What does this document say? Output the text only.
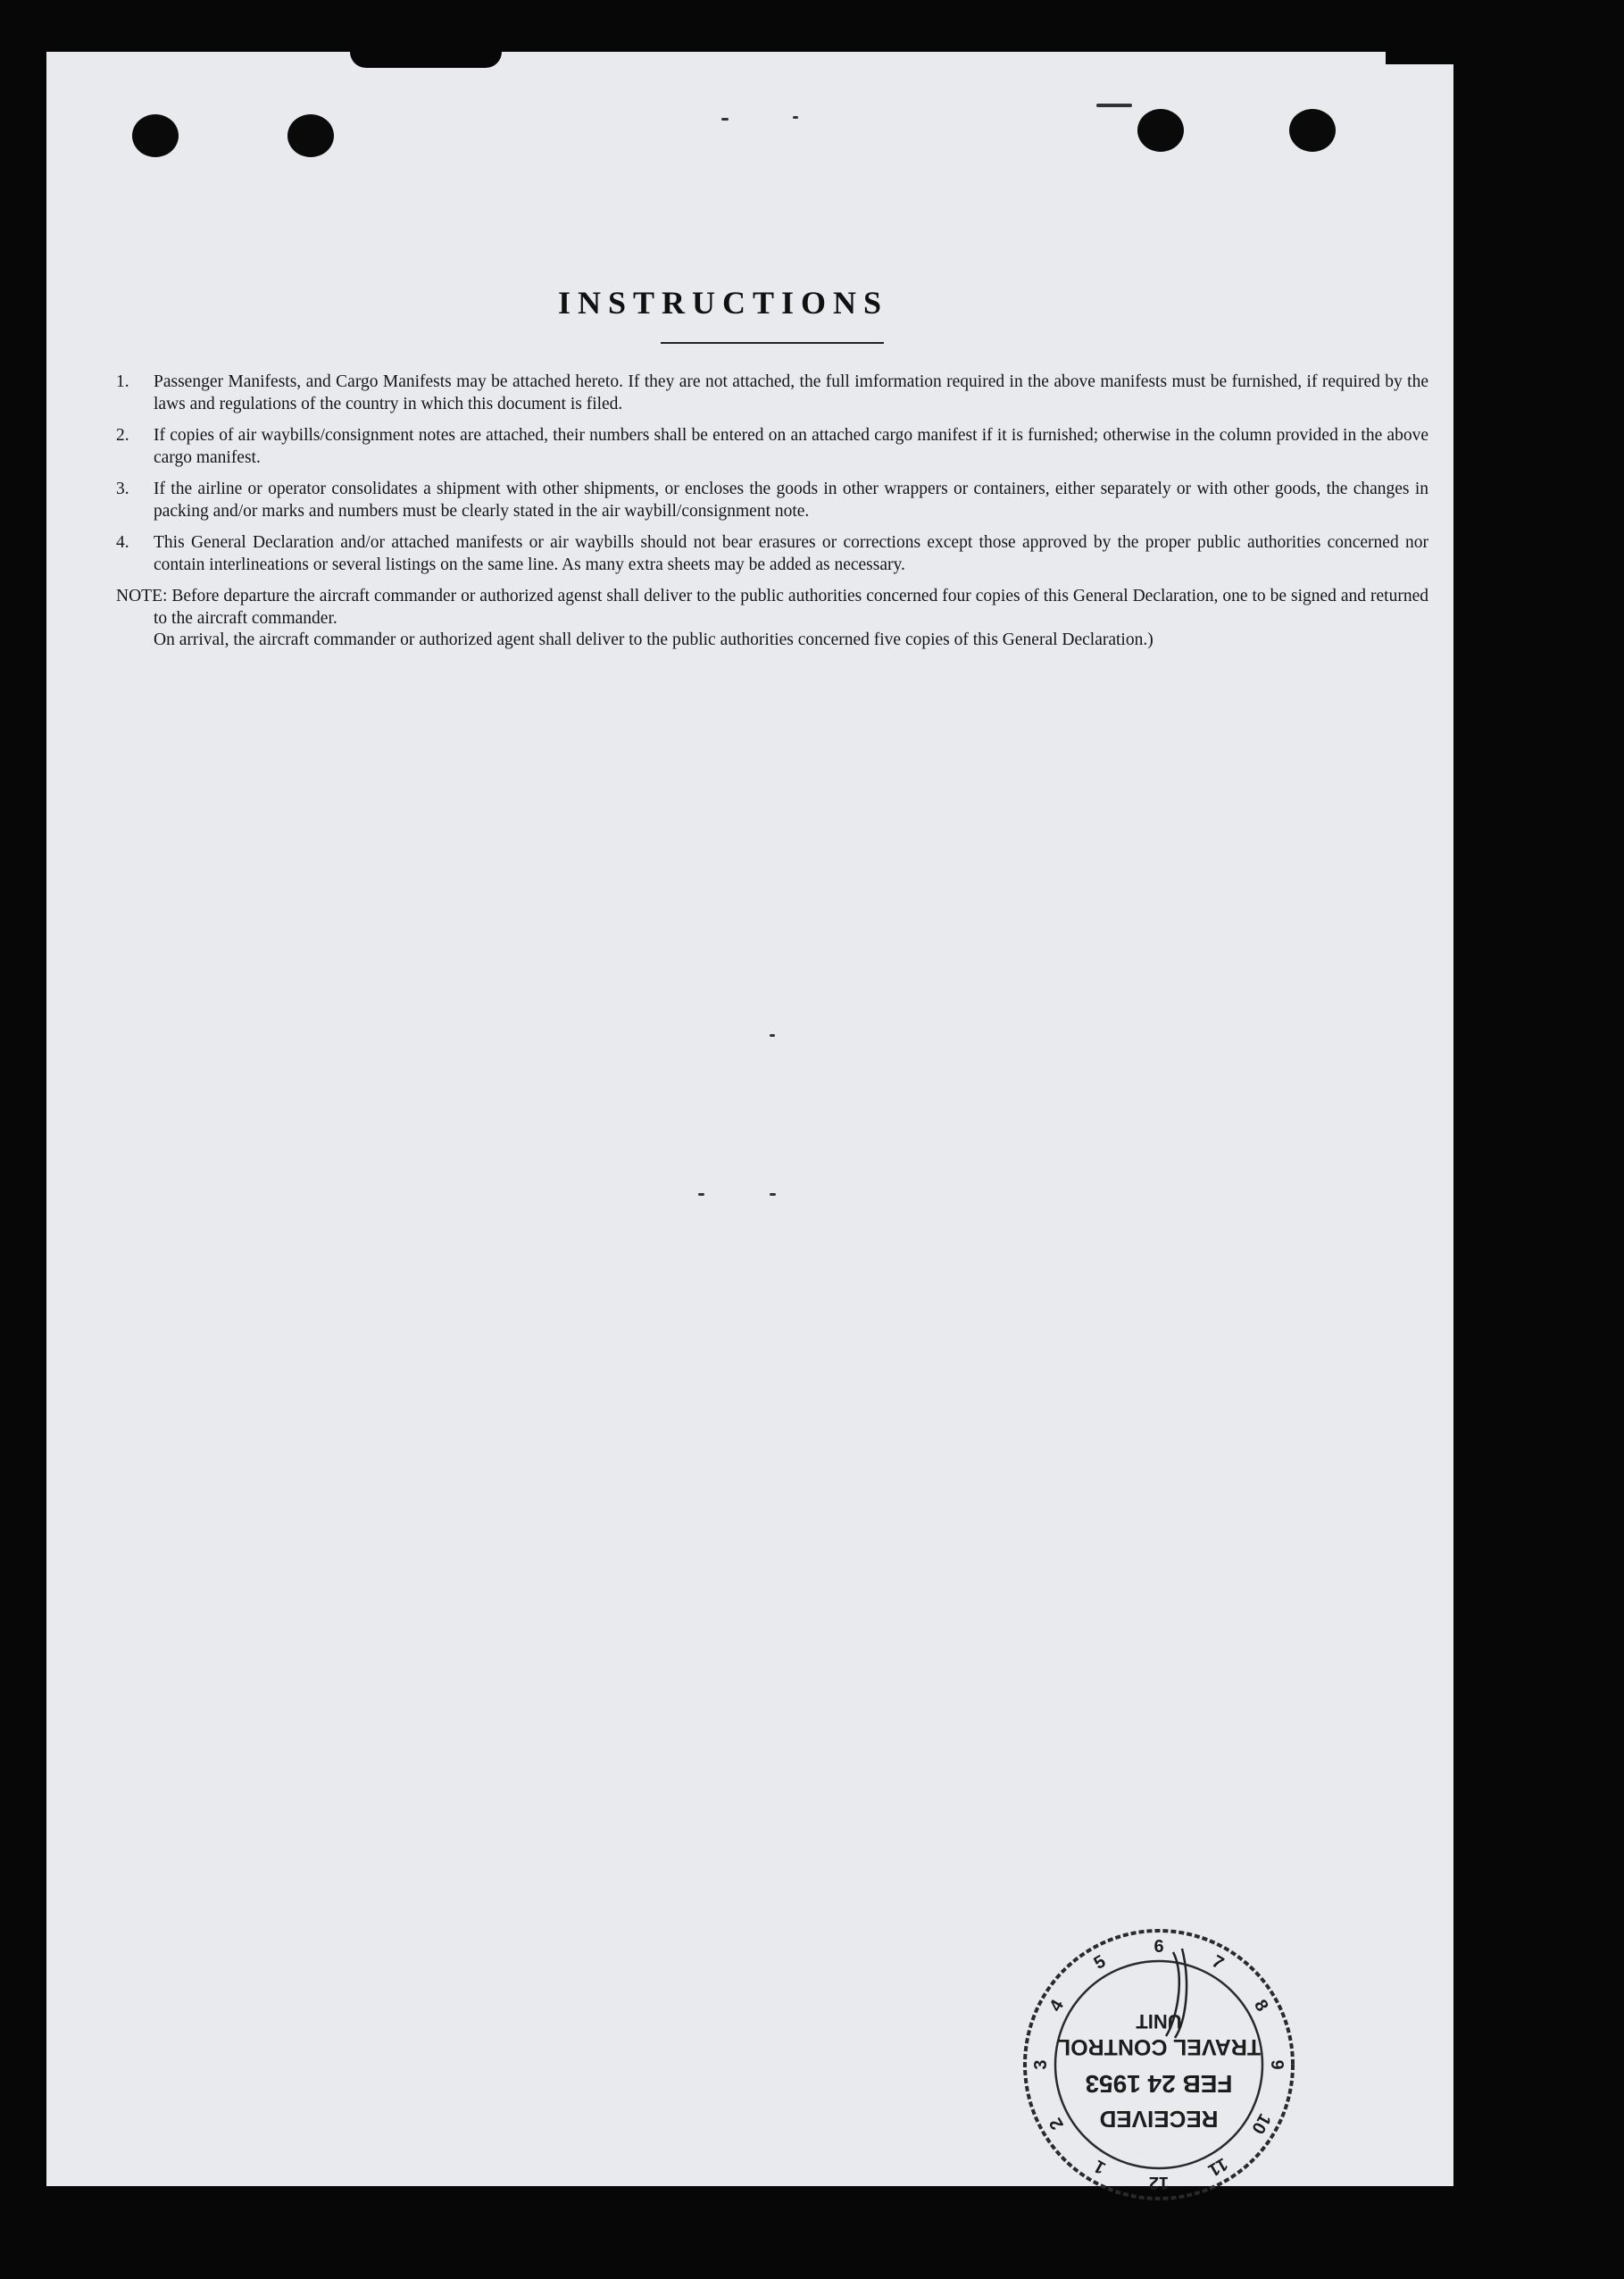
INSTRUCTIONS
1. Passenger Manifests, and Cargo Manifests may be attached hereto. If they are not attached, the full imformation required in the above manifests must be furnished, if required by the laws and regulations of the country in which this document is filed.
2. If copies of air waybills/consignment notes are attached, their numbers shall be entered on an attached cargo manifest if it is furnished; otherwise in the column provided in the above cargo manifest.
3. If the airline or operator consolidates a shipment with other shipments, or encloses the goods in other wrappers or containers, either separately or with other goods, the changes in packing and/or marks and numbers must be clearly stated in the air waybill/consignment note.
4. This General Declaration and/or attached manifests or air waybills should not bear erasures or corrections except those approved by the proper public authorities concerned nor contain interlineations or several listings on the same line. As many extra sheets may be added as necessary.

NOTE: Before departure the aircraft commander or authorized agenst shall deliver to the public authorities concerned four copies of this General Declaration, one to be signed and returned to the aircraft commander.

On arrival, the aircraft commander or authorized agent shall deliver to the public authorities concerned five copies of this General Declaration.)

12
1
2
3
4
5
6
7
8
9
10
11
RECEIVED
FEB 24 1953
TRAVEL CONTROL
UNIT
